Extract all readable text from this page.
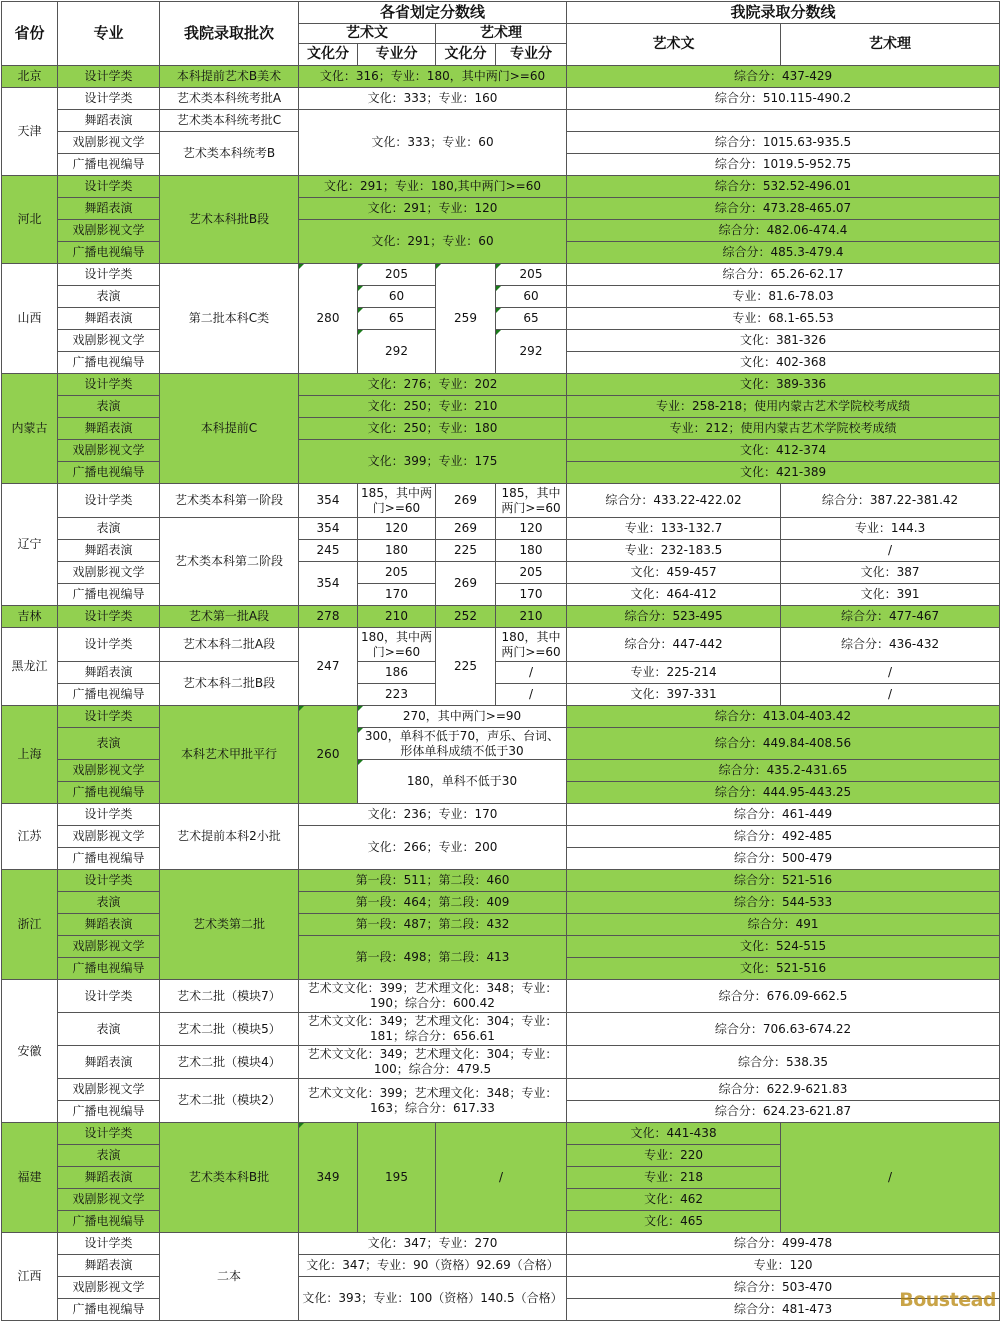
省份	专业	我院录取批次	各省划定分数线				我院录取分数线	
			艺术文		艺术理		艺术文	艺术理
			文化分	专业分	文化分	专业分		
北京	设计学类	本科提前艺术B美术	文化：316；专业：180，其中两门>=60				综合分：437-429	
天津	设计学类	艺术类本科统考批A	文化：333；专业：160				综合分：510.115-490.2	
	舞蹈表演	艺术类本科统考批C	文化：333；专业：60					
	戏剧影视文学	艺术类本科统考B					综合分：1015.63-935.5	
	广播电视编导						综合分：1019.5-952.75	
河北	设计学类	艺术本科批B段	文化：291；专业：180,其中两门>=60				综合分：532.52-496.01	
	舞蹈表演		文化：291；专业：120				综合分：473.28-465.07	
	戏剧影视文学		文化：291；专业：60				综合分：482.06-474.4	
	广播电视编导						综合分：485.3-479.4	
山西	设计学类	第二批本科C类	280	205	259	205	综合分：65.26-62.17	
	表演			60		60	专业：81.6-78.03	
	舞蹈表演			65		65	专业：68.1-65.53	
	戏剧影视文学			292		292	文化：381-326	
	广播电视编导						文化：402-368	
内蒙古	设计学类	本科提前C	文化：276；专业：202				文化：389-336	
	表演		文化：250；专业：210				专业：258-218；使用内蒙古艺术学院校考成绩	
	舞蹈表演		文化：250；专业：180				专业：212；使用内蒙古艺术学院校考成绩	
	戏剧影视文学		文化：399；专业：175				文化：412-374	
	广播电视编导						文化：421-389	
辽宁	设计学类	艺术类本科第一阶段	354	185，其中两门>=60	269	185，其中两门>=60	综合分：433.22-422.02	综合分：387.22-381.42
	表演	艺术类本科第二阶段	354	120	269	120	专业：133-132.7	专业：144.3
	舞蹈表演		245	180	225	180	专业：232-183.5	/
	戏剧影视文学		354	205	269	205	文化：459-457	文化：387
	广播电视编导			170		170	文化：464-412	文化：391
吉林	设计学类	艺术第一批A段	278	210	252	210	综合分：523-495	综合分：477-467
黑龙江	设计学类	艺术本科二批A段	247	180，其中两门>=60	225	180，其中两门>=60	综合分：447-442	综合分：436-432
	舞蹈表演	艺术本科二批B段		186		/	专业：225-214	/
	广播电视编导			223		/	文化：397-331	/
上海	设计学类	本科艺术甲批平行	260	270，其中两门>=90			综合分：413.04-403.42	
	表演			300，单科不低于70，声乐、台词、形体单科成绩不低于30			综合分：449.84-408.56	
	戏剧影视文学			180，单科不低于30			综合分：435.2-431.65	
	广播电视编导						综合分：444.95-443.25	
江苏	设计学类	艺术提前本科2小批	文化：236；专业：170				综合分：461-449	
	戏剧影视文学		文化：266；专业：200				综合分：492-485	
	广播电视编导						综合分：500-479	
浙江	设计学类	艺术类第二批	第一段：511；第二段：460				综合分：521-516	
	表演		第一段：464；第二段：409				综合分：544-533	
	舞蹈表演		第一段：487；第二段：432				综合分：491	
	戏剧影视文学		第一段：498；第二段：413				文化：524-515	
	广播电视编导						文化：521-516	
安徽	设计学类	艺术二批（模块7）	艺术文文化：399；艺术理文化：348；专业：190；综合分：600.42				综合分：676.09-662.5	
	表演	艺术二批（模块5）	艺术文文化：349；艺术理文化：304；专业：181；综合分：656.61				综合分：706.63-674.22	
	舞蹈表演	艺术二批（模块4）	艺术文文化：349；艺术理文化：304；专业：100；综合分：479.5				综合分：538.35	
	戏剧影视文学	艺术二批（模块2）	艺术文文化：399；艺术理文化：348；专业：163；综合分：617.33				综合分：622.9-621.83	
	广播电视编导						综合分：624.23-621.87	
福建	设计学类	艺术类本科B批	349	195	/		文化：441-438	/
	表演						专业：220	
	舞蹈表演						专业：218	
	戏剧影视文学						文化：462	
	广播电视编导						文化：465	
江西	设计学类	二本	文化：347；专业：270				综合分：499-478	
	舞蹈表演		文化：347；专业：90（资格）92.69（合格）				专业：120	
	戏剧影视文学		文化：393；专业：100（资格）140.5（合格）				综合分：503-470	
	广播电视编导						综合分：481-473		Boustead
